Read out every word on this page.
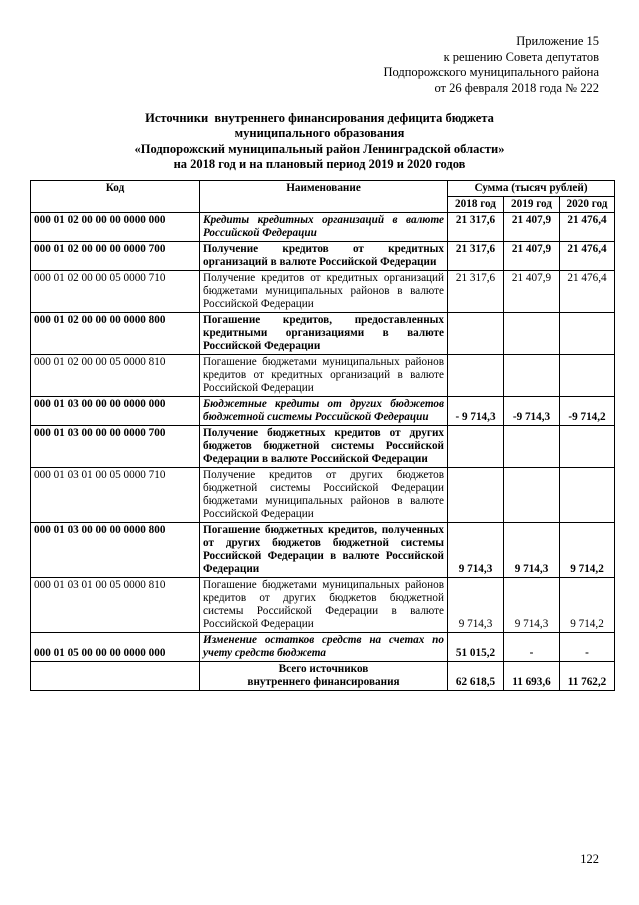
Приложение 15
к решению Совета депутатов
Подпорожского муниципального района
от 26 февраля 2018 года № 222
Источники  внутреннего финансирования дефицита бюджета
муниципального образования
«Подпорожский муниципальный район Ленинградской области»
на 2018 год и на плановый период 2019 и 2020 годов
Код	Наименование	Сумма (тысяч рублей)		
		2018 год	2019 год	2020 год
000 01 02 00 00 00 0000 000	Кредиты кредитных организаций в валюте Российской Федерации	21 317,6	21 407,9	21 476,4
000 01 02 00 00 00 0000 700	Получение кредитов от кредитных организаций в валюте Российской Федерации	21 317,6	21 407,9	21 476,4
000 01 02 00 00 05 0000 710	Получение кредитов от кредитных организаций бюджетами муниципальных районов в валюте Российской Федерации	21 317,6	21 407,9	21 476,4
000 01 02 00 00 00 0000 800	Погашение кредитов, предоставленных кредитными организациями в валюте Российской Федерации			
000 01 02 00 00 05 0000 810	Погашение бюджетами муниципальных районов кредитов от кредитных организаций в валюте Российской Федерации			
000 01 03 00 00 00 0000 000	Бюджетные кредиты от других бюджетов бюджетной системы Российской Федерации	- 9 714,3	-9 714,3	-9 714,2
000 01 03 00 00 00 0000 700	Получение бюджетных кредитов от других бюджетов бюджетной системы Российской Федерации в валюте Российской Федерации			
000 01 03 01 00 05 0000 710	Получение кредитов от других бюджетов бюджетной системы Российской Федерации бюджетами муниципальных районов в валюте Российской Федерации			
000 01 03 00 00 00 0000 800	Погашение бюджетных кредитов, полученных от других бюджетов бюджетной системы Российской Федерации в валюте Российской Федерации	9 714,3	9 714,3	9 714,2
000 01 03 01 00 05 0000 810	Погашение бюджетами муниципальных районов кредитов от других бюджетов бюджетной системы Российской Федерации в валюте Российской Федерации	9 714,3	9 714,3	9 714,2
000 01 05 00 00 00 0000 000	Изменение остатков средств на счетах по учету средств бюджета	51 015,2	-	-

	Всего источников
внутреннего финансирования	62 618,5	11 693,6	11 762,2
122
